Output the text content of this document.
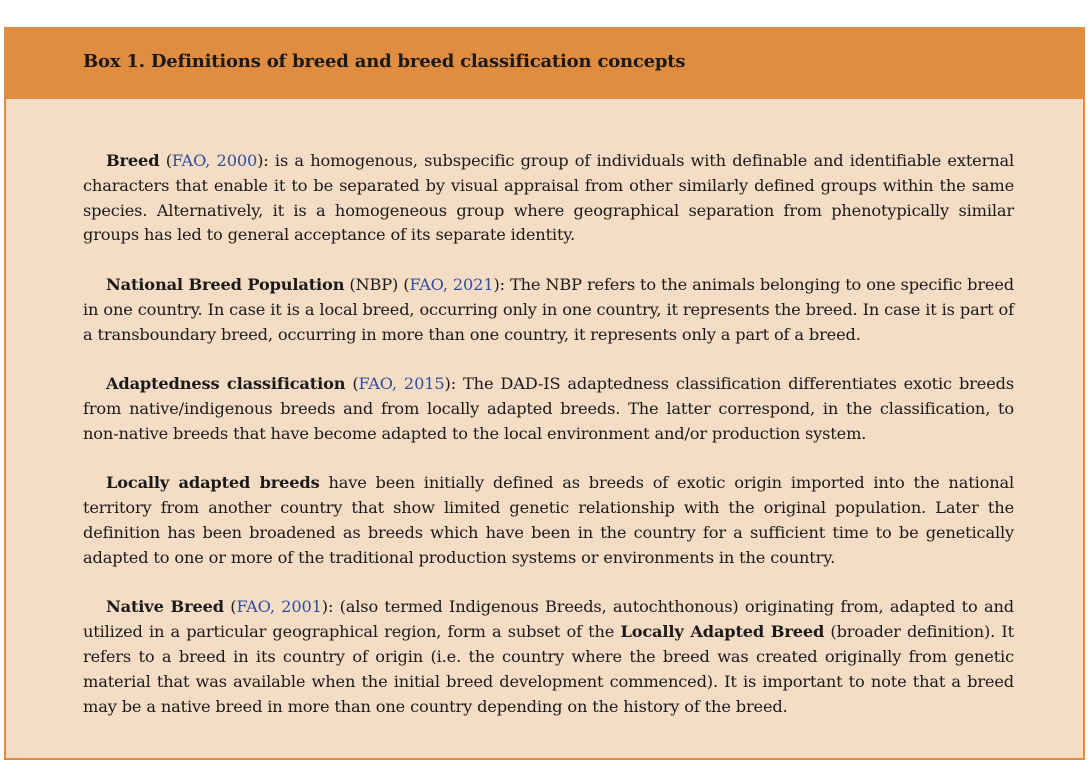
Box 1. Definitions of breed and breed classification concepts

Breed (FAO, 2000): is a homogenous, subspecific group of individuals with definable and identifiable external characters that enable it to be separated by visual appraisal from other similarly defined groups within the same species. Alternatively, it is a homogeneous group where geographical separation from phenotypically similar groups has led to general acceptance of its separate identity.

National Breed Population (NBP) (FAO, 2021): The NBP refers to the animals belonging to one specific breed in one country. In case it is a local breed, occurring only in one country, it represents the breed. In case it is part of a transboundary breed, occurring in more than one country, it represents only a part of a breed.

Adaptedness classification (FAO, 2015): The DAD-IS adaptedness classification differentiates exotic breeds from native/indigenous breeds and from locally adapted breeds. The latter correspond, in the classification, to non-native breeds that have become adapted to the local environment and/or production system.

Locally adapted breeds have been initially defined as breeds of exotic origin imported into the national territory from another country that show limited genetic relationship with the original population. Later the definition has been broadened as breeds which have been in the country for a sufficient time to be genetically adapted to one or more of the traditional production systems or environments in the country.

Native Breed (FAO, 2001): (also termed Indigenous Breeds, autochthonous) originating from, adapted to and utilized in a particular geographical region, form a subset of the Locally Adapted Breed (broader definition). It refers to a breed in its country of origin (i.e. the country where the breed was created originally from genetic material that was available when the initial breed development commenced). It is important to note that a breed may be a native breed in more than one country depending on the history of the breed.
